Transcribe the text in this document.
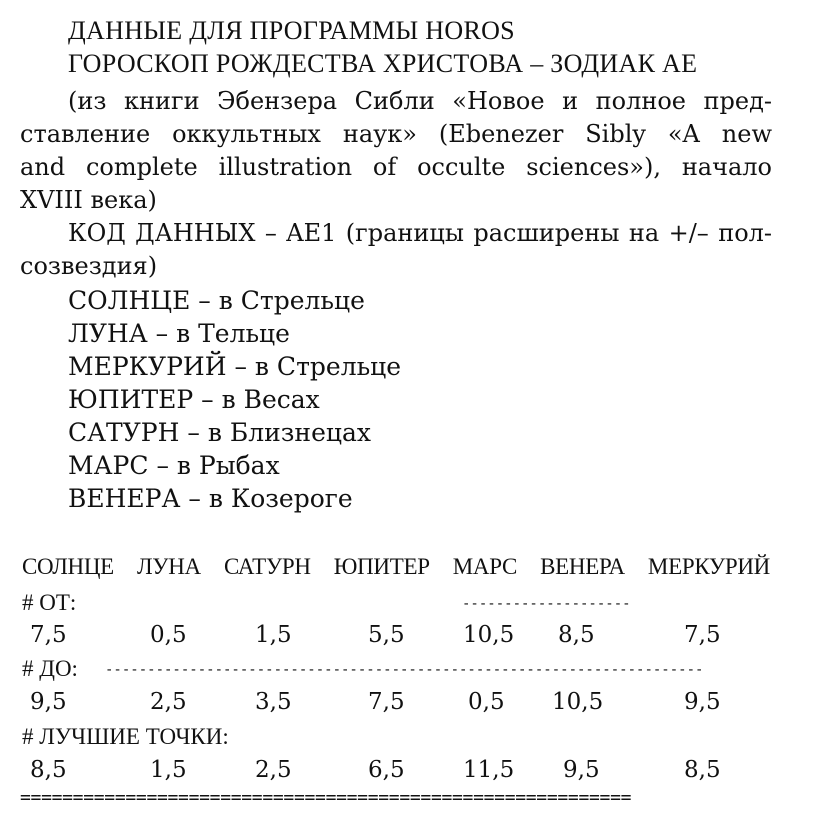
ДАННЫЕ ДЛЯ ПРОГРАММЫ HOROS
ГОРОСКОП РОЖДЕСТВА ХРИСТОВА – ЗОДИАК AE
(из книги Эбензера Сибли «Новое и полное пред-
ставление оккультных наук» (Ebenezer Sibly «A new
and complete illustration of occulte sciences»), начало
XVIII века)
КОД ДАННЫХ – AE1 (границы расширены на +/– пол-
созвездия)
СОЛНЦЕ – в Стрельце
ЛУНА – в Тельце
МЕРКУРИЙ – в Стрельце
ЮПИТЕР – в Весах
САТУРН – в Близнецах
МАРС – в Рыбах
ВЕНЕРА – в Козероге
СОЛНЦЕ ЛУНА САТУРН ЮПИТЕР МАРС ВЕНЕРА МЕРКУРИЙ
# ОТ:	--------------------
7,5	0,5	1,5	5,5	10,5 8,5	7,5
# ДО: -----------------------------------------------------------------------
9,5	2,5	3,5	7,5	0,5 10,5	9,5
# ЛУЧШИЕ ТОЧКИ:
8,5	1,5	2,5	6,5	11,5 9,5	8,5
==========================================================
